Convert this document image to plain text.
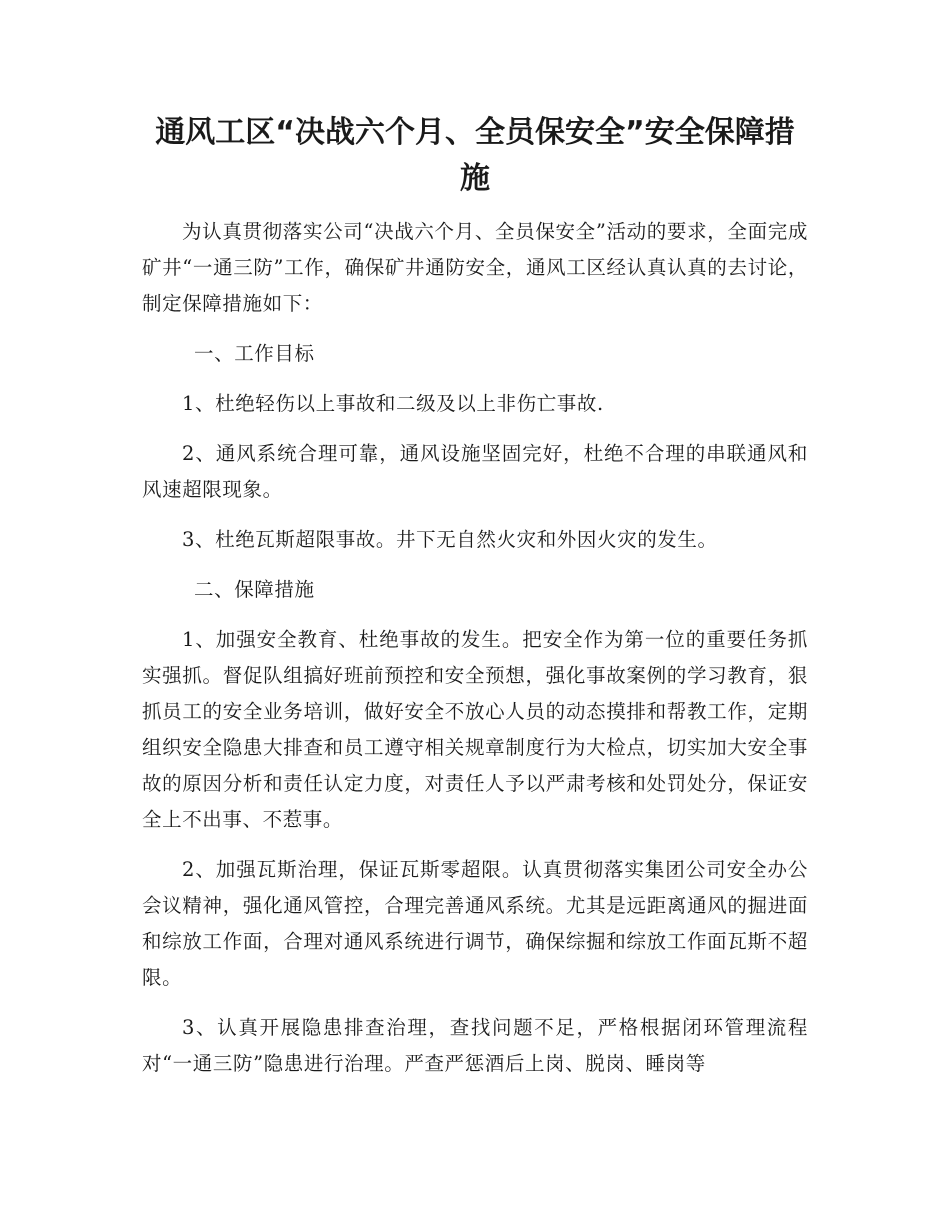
通风工区“决战六个月、全员保安全”安全保障措施

为认真贯彻落实公司“决战六个月、全员保安全”活动的要求，全面完成矿井“一通三防”工作，确保矿井通防安全，通风工区经认真认真的去讨论，制定保障措施如下：

一、工作目标

1、杜绝轻伤以上事故和二级及以上非伤亡事故.

2、通风系统合理可靠，通风设施坚固完好，杜绝不合理的串联通风和风速超限现象。

3、杜绝瓦斯超限事故。井下无自然火灾和外因火灾的发生。

二、保障措施

1、加强安全教育、杜绝事故的发生。把安全作为第一位的重要任务抓实强抓。督促队组搞好班前预控和安全预想，强化事故案例的学习教育，狠抓员工的安全业务培训，做好安全不放心人员的动态摸排和帮教工作，定期组织安全隐患大排查和员工遵守相关规章制度行为大检点，切实加大安全事故的原因分析和责任认定力度，对责任人予以严肃考核和处罚处分，保证安全上不出事、不惹事。

2、加强瓦斯治理，保证瓦斯零超限。认真贯彻落实集团公司安全办公会议精神，强化通风管控，合理完善通风系统。尤其是远距离通风的掘进面和综放工作面，合理对通风系统进行调节，确保综掘和综放工作面瓦斯不超限。

3、认真开展隐患排查治理，查找问题不足，严格根据闭环管理流程对“一通三防”隐患进行治理。严查严惩酒后上岗、脱岗、睡岗等
